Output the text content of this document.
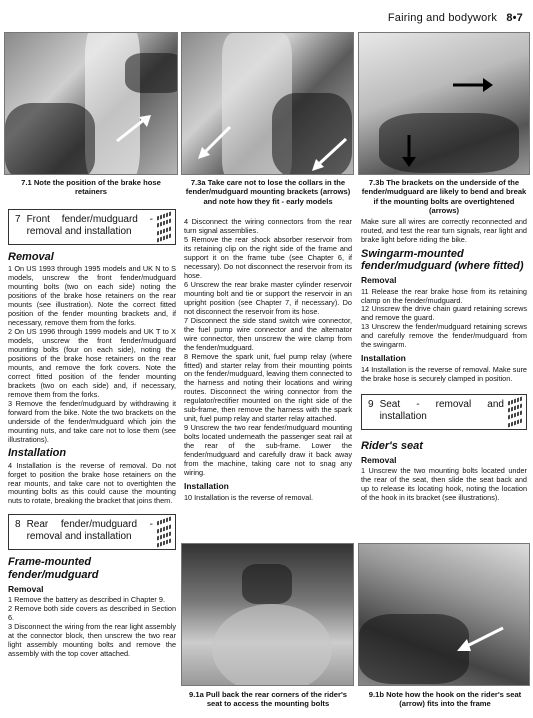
Fairing and bodywork 8•7
7.1 Note the position of the brake hose retainers
7.3a Take care not to lose the collars in the fender/mudguard mounting brackets (arrows) and note how they fit - early models
7.3b The brackets on the underside of the fender/mudguard are likely to bend and break if the mounting bolts are overtightened (arrows)
7 Front fender/mudguard - removal and installation
Removal

1 On US 1993 through 1995 models and UK N to S models, unscrew the front fender/mudguard mounting bolts (two on each side) noting the positions of the brake hose retainers on the rear mounts (see illustration). Note the correct fitted position of the fender mounting brackets and, if necessary, remove them from the forks.

2 On US 1996 through 1999 models and UK T to X models, unscrew the front fender/mudguard mounting bolts (four on each side), noting the positions of the brake hose retainers on the rear mounts, and remove the fork covers. Note the correct fitted position of the fender mounting brackets (two on each side) and, if necessary, remove them from the forks.

3 Remove the fender/mudguard by withdrawing it forward from the bike. Note the two brackets on the underside of the fender/mudguard which join the mounting nuts, and take care not to lose them (see illustrations).

Installation

4 Installation is the reverse of removal. Do not forget to position the brake hose retainers on the rear mounts, and take care not to overtighten the mounting bolts as this could cause the mounting nuts to rotate, breaking the bracket that joins them.

8 Rear fender/mudguard - removal and installation
Frame-mounted fender/mudguard
Removal

1 Remove the battery as described in Chapter 9.

2 Remove both side covers as described in Section 6.

3 Disconnect the wiring from the rear light assembly at the connector block, then unscrew the two rear light assembly mounting bolts and remove the assembly with the top cover attached.

4 Disconnect the wiring connectors from the rear turn signal assemblies.

5 Remove the rear shock absorber reservoir from its retaining clip on the right side of the frame and support it on the frame tube (see Chapter 6, if necessary). Do not disconnect the reservoir from its hose.

6 Unscrew the rear brake master cylinder reservoir mounting bolt and tie or support the reservoir in an upright position (see Chapter 7, if necessary). Do not disconnect the reservoir from its hose.

7 Disconnect the side stand switch wire connector, the fuel pump wire connector and the alternator wire connector, then unscrew the wire clamp from the fender/mudguard.

8 Remove the spark unit, fuel pump relay (where fitted) and starter relay from their mounting points on the fender/mudguard, leaving them connected to the harness and noting their locations and wiring routes. Disconnect the wiring connector from the regulator/rectifier mounted on the right side of the sub-frame, then remove the harness with the spark unit, fuel pump relay and starter relay attached.

9 Unscrew the two rear fender/mudguard mounting bolts located underneath the passenger seat rail at the rear of the sub-frame. Lower the fender/mudguard and carefully draw it back away from the machine, taking care not to snag any wiring.

Installation

10 Installation is the reverse of removal.

Make sure all wires are correctly reconnected and routed, and test the rear turn signals, rear light and brake light before riding the bike.

Swingarm-mounted fender/mudguard (where fitted)
Removal

11 Release the rear brake hose from its retaining clamp on the fender/mudguard.

12 Unscrew the drive chain guard retaining screws and remove the guard.

13 Unscrew the fender/mudguard retaining screws and carefully remove the fender/mudguard from the swingarm.

Installation

14 Installation is the reverse of removal. Make sure the brake hose is securely clamped in position.

9 Seat - removal and installation
Rider's seat
Removal

1 Unscrew the two mounting bolts located under the rear of the seat, then slide the seat back and up to release its locating hook, noting the location of the hook in its bracket (see illustrations).

9.1a Pull back the rear corners of the rider's seat to access the mounting bolts
9.1b Note how the hook on the rider's seat (arrow) fits into the frame
